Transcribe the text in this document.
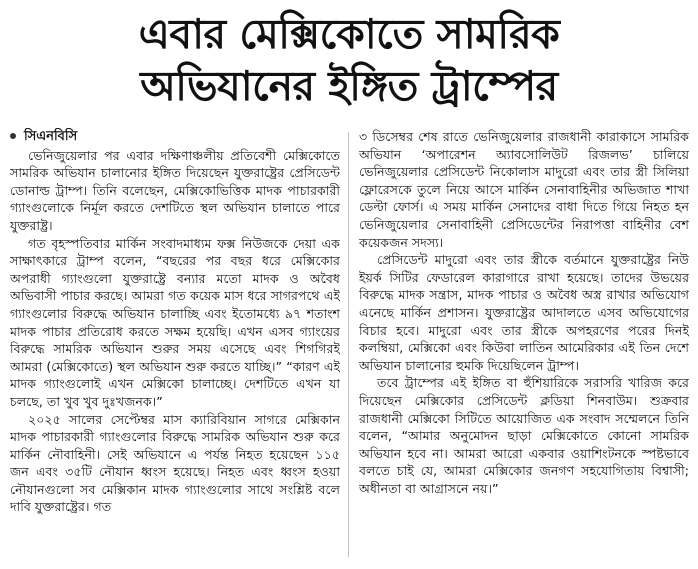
এবার মেক্সিকোতে সামরিক
অভিযানের ইঙ্গিত ট্রাম্পের
সিএনবিসি

ভেনিজুয়েলার পর এবার দক্ষিণাঞ্চলীয় প্রতিবেশী মেক্সিকোতে সামরিক অভিযান চালানোর ইঙ্গিত দিয়েছেন যুক্তরাষ্ট্রের প্রেসিডেন্ট ডোনাল্ড ট্রাম্প। তিনি বলেছেন, মেক্সিকোভিত্তিক মাদক পাচারকারী গ্যাংগুলোকে নির্মূল করতে দেশটিতে স্থল অভিযান চালাতে পারে যুক্তরাষ্ট্র।

গত বৃহস্পতিবার মার্কিন সংবাদমাধ্যম ফক্স নিউজকে দেয়া এক সাক্ষাৎকারে ট্রাম্প বলেন, “বছরের পর বছর ধরে মেক্সিকোর অপরাধী গ্যাংগুলো যুক্তরাষ্ট্রে বন্যার মতো মাদক ও অবৈধ অভিবাসী পাচার করছে। আমরা গত কয়েক মাস ধরে সাগরপথে এই গ্যাংগুলোর বিরুদ্ধে অভিযান চালাচ্ছি এবং ইতোমধ্যে ৯৭ শতাংশ মাদক পাচার প্রতিরোধ করতে সক্ষম হয়েছি। এখন এসব গ্যাংয়ের বিরুদ্ধে সামরিক অভিযান শুরুর সময় এসেছে এবং শিগগিরই আমরা (মেক্সিকোতে) স্থল অভিযান শুরু করতে যাচ্ছি।” “কারণ এই মাদক গ্যাংগুলোই এখন মেক্সিকো চালাচ্ছে। দেশটিতে এখন যা চলছে, তা খুব খুব দুঃখজনক।”

২০২৫ সালের সেপ্টেম্বর মাস ক্যারিবিয়ান সাগরে মেক্সিকান মাদক পাচারকারী গ্যাংগুলোর বিরুদ্ধে সামরিক অভিযান শুরু করে মার্কিন নৌবাহিনী। সেই অভিযানে এ পর্যন্ত নিহত হয়েছেন ১১৫ জন এবং ৩৫টি নৌযান ধ্বংস হয়েছে। নিহত এবং ধ্বংস হওয়া নৌযানগুলো সব মেক্সিকান মাদক গ্যাংগুলোর সাথে সংশ্লিষ্ট বলে দাবি যুক্তরাষ্ট্রের। গত

৩ ডিসেম্বর শেষ রাতে ভেনিজুয়েলার রাজধানী কারাকাসে সামরিক অভিযান ‘অপারেশন অ্যাবসোলিউট রিজলভ’ চালিয়ে ভেনিজুয়েলার প্রেসিডেন্ট নিকোলাস মাদুরো এবং তার স্ত্রী সিলিয়া ফ্লোরেসকে তুলে নিয়ে আসে মার্কিন সেনাবাহিনীর অভিজাত শাখা ডেল্টা ফোর্স। এ সময় মার্কিন সেনাদের বাধা দিতে গিয়ে নিহত হন ভেনিজুয়েলার সেনাবাহিনী প্রেসিডেন্টের নিরাপত্তা বাহিনীর বেশ কয়েকজন সদস্য।

প্রেসিডেন্ট মাদুরো এবং তার স্ত্রীকে বর্তমানে যুক্তরাষ্ট্রের নিউ ইয়র্ক সিটির ফেডারেল কারাগারে রাখা হয়েছে। তাদের উভয়ের বিরুদ্ধে মাদক সন্ত্রাস, মাদক পাচার ও অবৈধ অস্ত্র রাখার অভিযোগ এনেছে মার্কিন প্রশাসন। যুক্তরাষ্ট্রের আদালতে এসব অভিযোগের বিচার হবে। মাদুরো এবং তার স্ত্রীকে অপহরণের পরের দিনই কলম্বিয়া, মেক্সিকো এবং কিউবা লাতিন আমেরিকার এই তিন দেশে অভিযান চালানোর হুমকি দিয়েছিলেন ট্রাম্প।

তবে ট্রাম্পের এই ইঙ্গিত বা হুঁশিয়ারিকে সরাসরি খারিজ করে দিয়েছেন মেক্সিকোর প্রেসিডেন্ট ক্লডিয়া শিনবাউম। শুক্রবার রাজধানী মেক্সিকো সিটিতে আয়োজিত এক সংবাদ সম্মেলনে তিনি বলেন, “আমার অনুমোদন ছাড়া মেক্সিকোতে কোনো সামরিক অভিযান হবে না। আমরা আরো একবার ওয়াশিংটনকে স্পষ্টভাবে বলতে চাই যে, আমরা মেক্সিকোর জনগণ সহযোগিতায় বিশ্বাসী; অধীনতা বা আগ্রাসনে নয়।”
